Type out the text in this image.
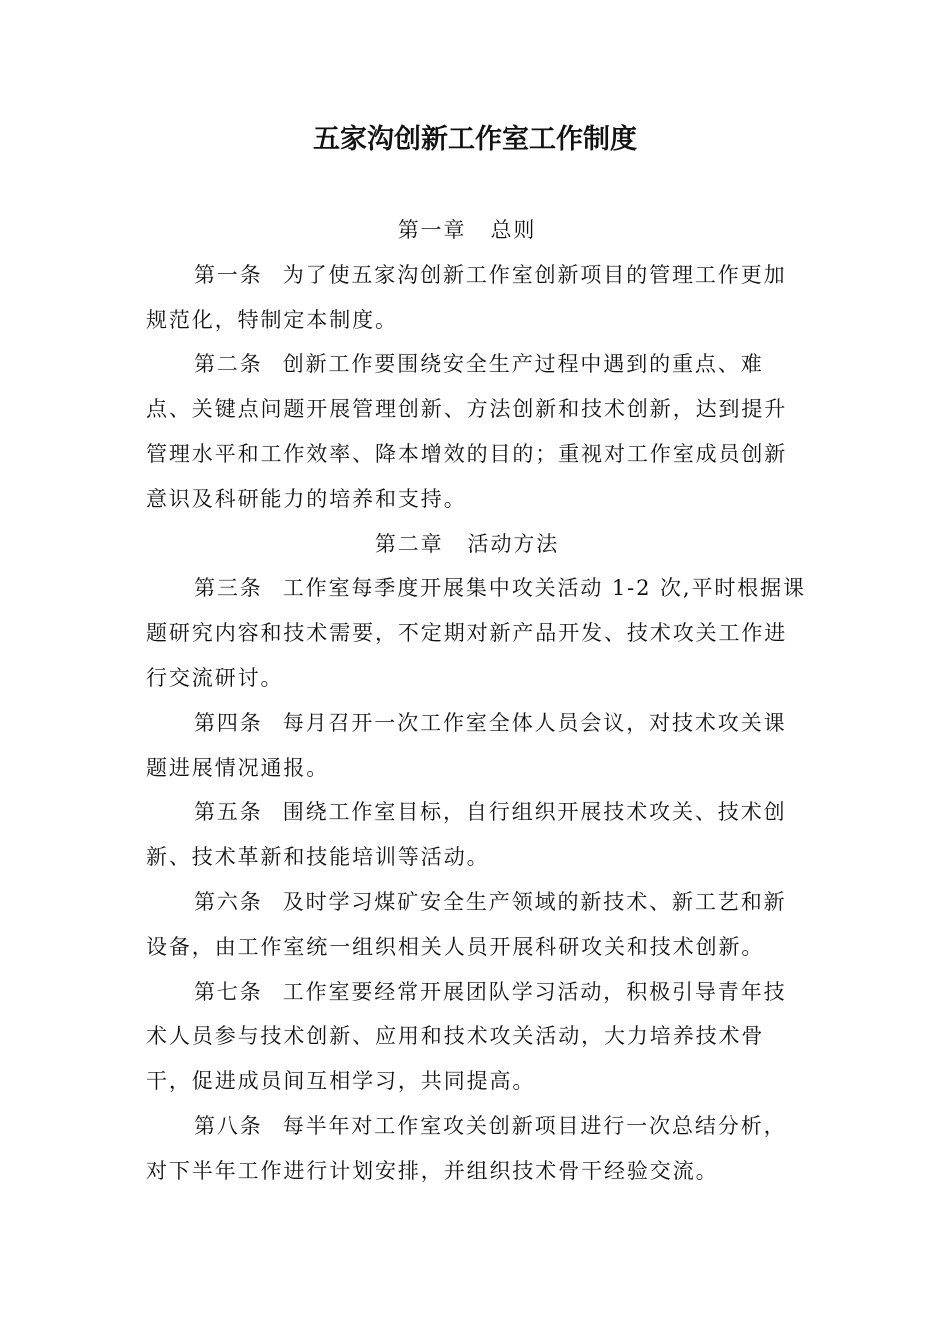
五家沟创新工作室工作制度
第一章 总则

第一条 为了使五家沟创新工作室创新项目的管理工作更加规范化，特制定本制度。

第二条 创新工作要围绕安全生产过程中遇到的重点、难点、关键点问题开展管理创新、方法创新和技术创新，达到提升管理水平和工作效率、降本增效的目的；重视对工作室成员创新意识及科研能力的培养和支持。

第二章 活动方法

第三条 工作室每季度开展集中攻关活动 1-2 次,平时根据课题研究内容和技术需要，不定期对新产品开发、技术攻关工作进行交流研讨。

第四条 每月召开一次工作室全体人员会议，对技术攻关课题进展情况通报。

第五条 围绕工作室目标，自行组织开展技术攻关、技术创新、技术革新和技能培训等活动。

第六条 及时学习煤矿安全生产领域的新技术、新工艺和新设备，由工作室统一组织相关人员开展科研攻关和技术创新。

第七条 工作室要经常开展团队学习活动，积极引导青年技术人员参与技术创新、应用和技术攻关活动，大力培养技术骨干，促进成员间互相学习，共同提高。

第八条 每半年对工作室攻关创新项目进行一次总结分析，对下半年工作进行计划安排，并组织技术骨干经验交流。
